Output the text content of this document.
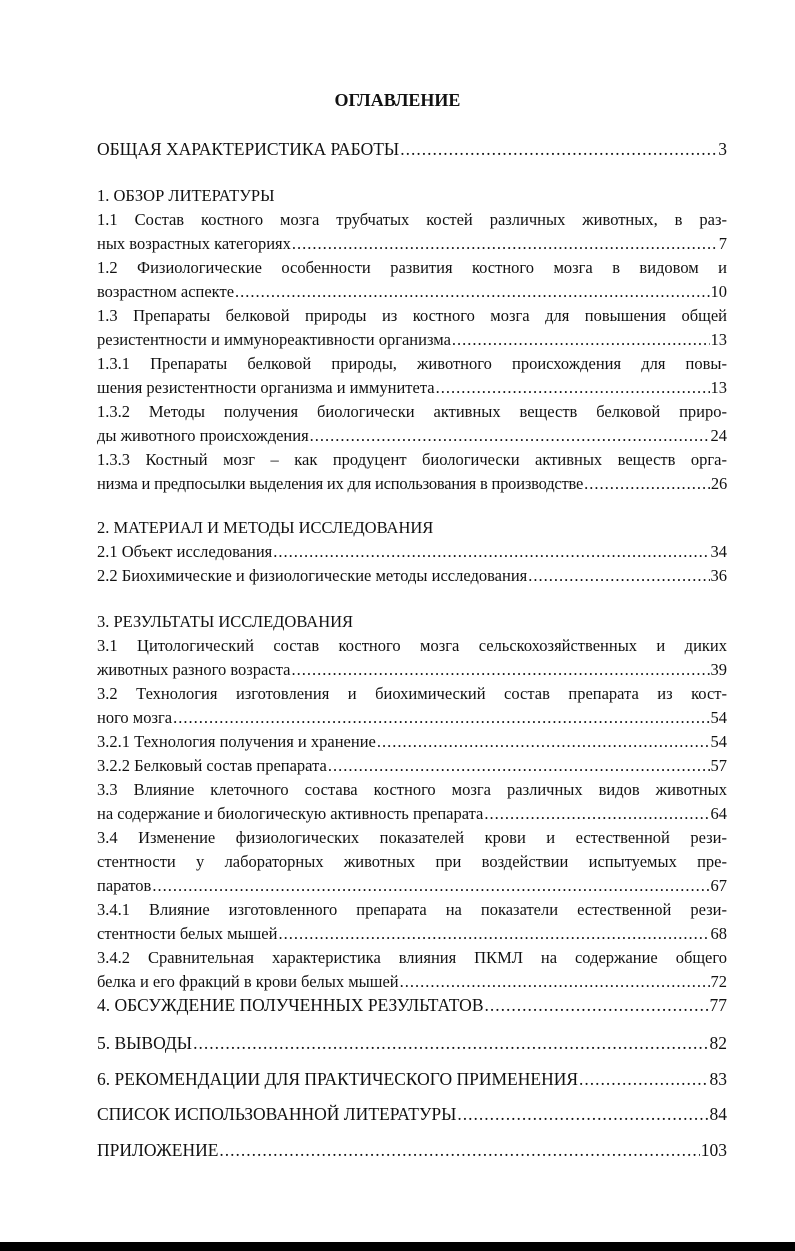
ОГЛАВЛЕНИЕ
ОБЩАЯ ХАРАКТЕРИСТИКА РАБОТЫ .....	3
1. ОБЗОР ЛИТЕРАТУРЫ
1.1 Состав костного мозга трубчатых костей различных животных, в раз-
ных возрастных категориях .....	7
1.2 Физиологические особенности развития костного мозга в видовом и
возрастном аспекте .....	10
1.3 Препараты белковой природы из костного мозга для повышения общей
резистентности и иммунореактивности организма .....	13
1.3.1 Препараты белковой природы, животного происхождения для повы-
шения резистентности организма и иммунитета .....	13
1.3.2 Методы получения биологически активных веществ белковой приро-
ды животного происхождения .....	24
1.3.3 Костный мозг – как продуцент биологически активных веществ орга-
низма и предпосылки выделения их для использования в производстве .....	26
2. МАТЕРИАЛ И МЕТОДЫ ИССЛЕДОВАНИЯ
2.1 Объект исследования .....	34
2.2 Биохимические и физиологические методы исследования .....	36
3. РЕЗУЛЬТАТЫ ИССЛЕДОВАНИЯ
3.1 Цитологический состав костного мозга сельскохозяйственных и диких
животных разного возраста .....	39
3.2 Технология изготовления и биохимический состав препарата из кост-
ного мозга .....	54
3.2.1 Технология получения и хранение .....	54
3.2.2 Белковый состав препарата .....	57
3.3 Влияние клеточного состава костного мозга различных видов животных
на содержание и биологическую активность препарата .....	64
3.4 Изменение физиологических показателей крови и естественной рези-
стентности у лабораторных животных при воздействии испытуемых пре-
паратов .....	67
3.4.1 Влияние изготовленного препарата на показатели естественной рези-
стентности белых мышей .....	68
3.4.2 Сравнительная характеристика влияния ПКМЛ на содержание общего
белка и его фракций в крови белых мышей .....	72
4. ОБСУЖДЕНИЕ ПОЛУЧЕННЫХ РЕЗУЛЬТАТОВ .....	77
5. ВЫВОДЫ .....	82
6. РЕКОМЕНДАЦИИ ДЛЯ ПРАКТИЧЕСКОГО ПРИМЕНЕНИЯ .....	83
СПИСОК ИСПОЛЬЗОВАННОЙ ЛИТЕРАТУРЫ .....	84
ПРИЛОЖЕНИЕ .....	103
